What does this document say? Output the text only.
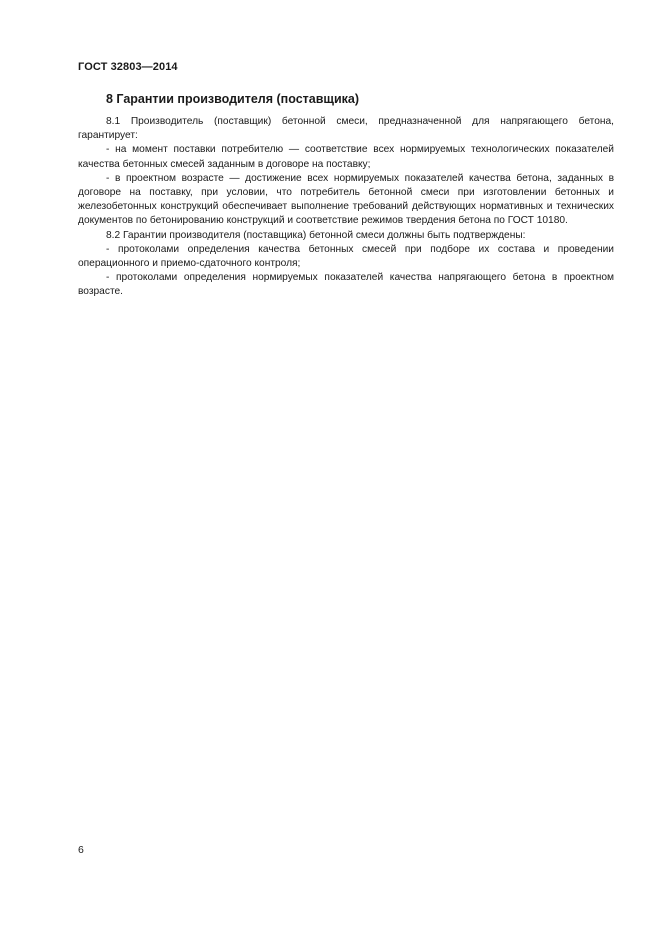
ГОСТ 32803—2014
8 Гарантии производителя (поставщика)

8.1 Производитель (поставщик) бетонной смеси, предназначенной для напрягающего бетона, гарантирует:

- на момент поставки потребителю — соответствие всех нормируемых технологических показателей качества бетонных смесей заданным в договоре на поставку;

- в проектном возрасте — достижение всех нормируемых показателей качества бетона, заданных в договоре на поставку, при условии, что потребитель бетонной смеси при изготовлении бетонных и железобетонных конструкций обеспечивает выполнение требований действующих нормативных и технических документов по бетонированию конструкций и соответствие режимов твердения бетона по ГОСТ 10180.

8.2 Гарантии производителя (поставщика) бетонной смеси должны быть подтверждены:

- протоколами определения качества бетонных смесей при подборе их состава и проведении операционного и приемо-сдаточного контроля;

- протоколами определения нормируемых показателей качества напрягающего бетона в проектном возрасте.

6
